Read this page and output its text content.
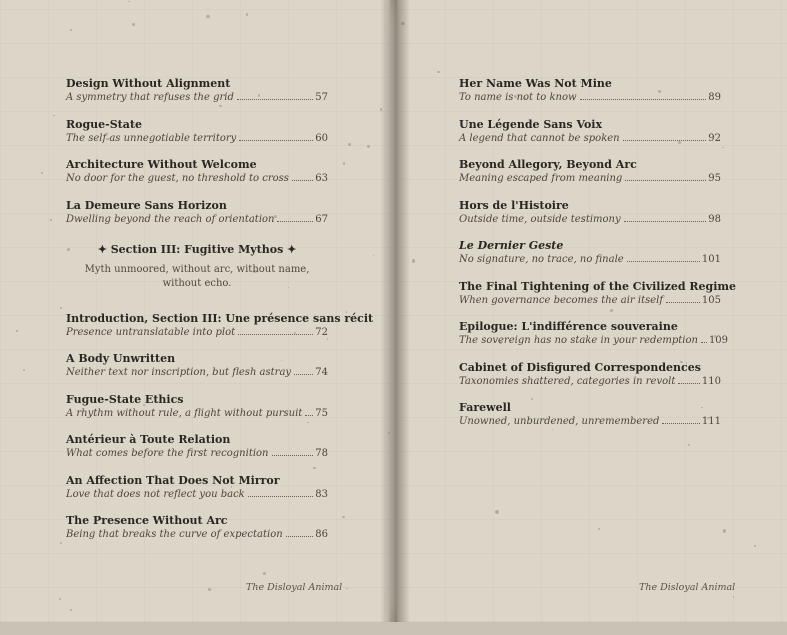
Design Without Alignment
A symmetry that refuses the grid	57
Rogue-State
The self as unnegotiable territory	60
Architecture Without Welcome
No door for the guest, no threshold to cross	63
La Demeure Sans Horizon
Dwelling beyond the reach of orientation	67
✦ Section III: Fugitive Mythos ✦
Myth unmoored, without arc, without name, without echo.
Introduction, Section III: Une présence sans récit
Presence untranslatable into plot	72
A Body Unwritten
Neither text nor inscription, but flesh astray 74
Fugue-State Ethics
A rhythm without rule, a flight without pursuit 75
Antérieur à Toute Relation
What comes before the first recognition	78
An Affection That Does Not Mirror
Love that does not reflect you back	83
The Presence Without Arc
Being that breaks the curve of expectation	86
The Disloyal Animal
Her Name Was Not Mine
To name is not to know	89
Une Légende Sans Voix
A legend that cannot be spoken	92
Beyond Allegory, Beyond Arc
Meaning escaped from meaning	95
Hors de l'Histoire
Outside time, outside testimony	98
Le Dernier Geste
No signature, no trace, no finale	101
The Final Tightening of the Civilized Regime
When governance becomes the air itself	105
Epilogue: L'indifférence souveraine
The sovereign has no stake in your redemption 109
Cabinet of Disfigured Correspondences
Taxonomies shattered, categories in revolt	110
Farewell
Unowned, unburdened, unremembered	111
The Disloyal Animal
